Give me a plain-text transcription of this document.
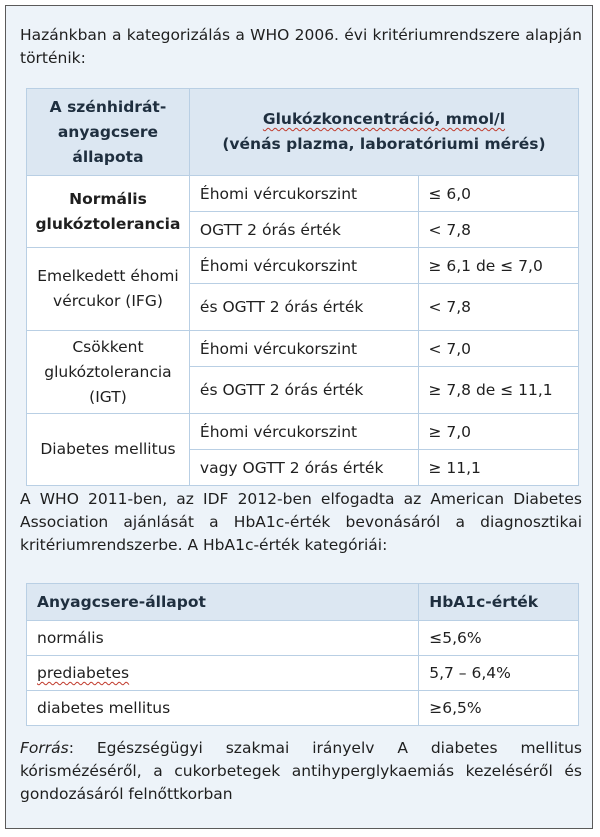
Hazánkban a kategorizálás a WHO 2006. évi kritériumrendszere alapján történik:
A szénhidrát-anyagcsere állapota	Glukózkoncentráció, mmol/l
(vénás plazma, laboratóriumi mérés)	
Normális glukóztolerancia	Éhomi vércukorszint	≤ 6,0
	OGTT 2 órás érték	< 7,8
Emelkedett éhomi vércukor (IFG)	Éhomi vércukorszint	≥ 6,1 de ≤ 7,0
	és OGTT 2 órás érték	< 7,8
Csökkent glukóztolerancia (IGT)	Éhomi vércukorszint	< 7,0
	és OGTT 2 órás érték	≥ 7,8 de ≤ 11,1
Diabetes mellitus	Éhomi vércukorszint	≥ 7,0
	vagy OGTT 2 órás érték	≥ 11,1
A WHO 2011-ben, az IDF 2012-ben elfogadta az American Diabetes Association ajánlását a HbA1c-érték bevonásáról a diagnosztikai kritériumrendszerbe. A HbA1c-érték kategóriái:
Anyagcsere-állapot	HbA1c-érték
normális	≤5,6%
prediabetes	5,7 – 6,4%
diabetes mellitus	≥6,5%
Forrás: Egészségügyi szakmai irányelv A diabetes mellitus kórismézéséről, a cukorbetegek antihyperglykaemiás kezeléséről és gondozásáról felnőttkorban
